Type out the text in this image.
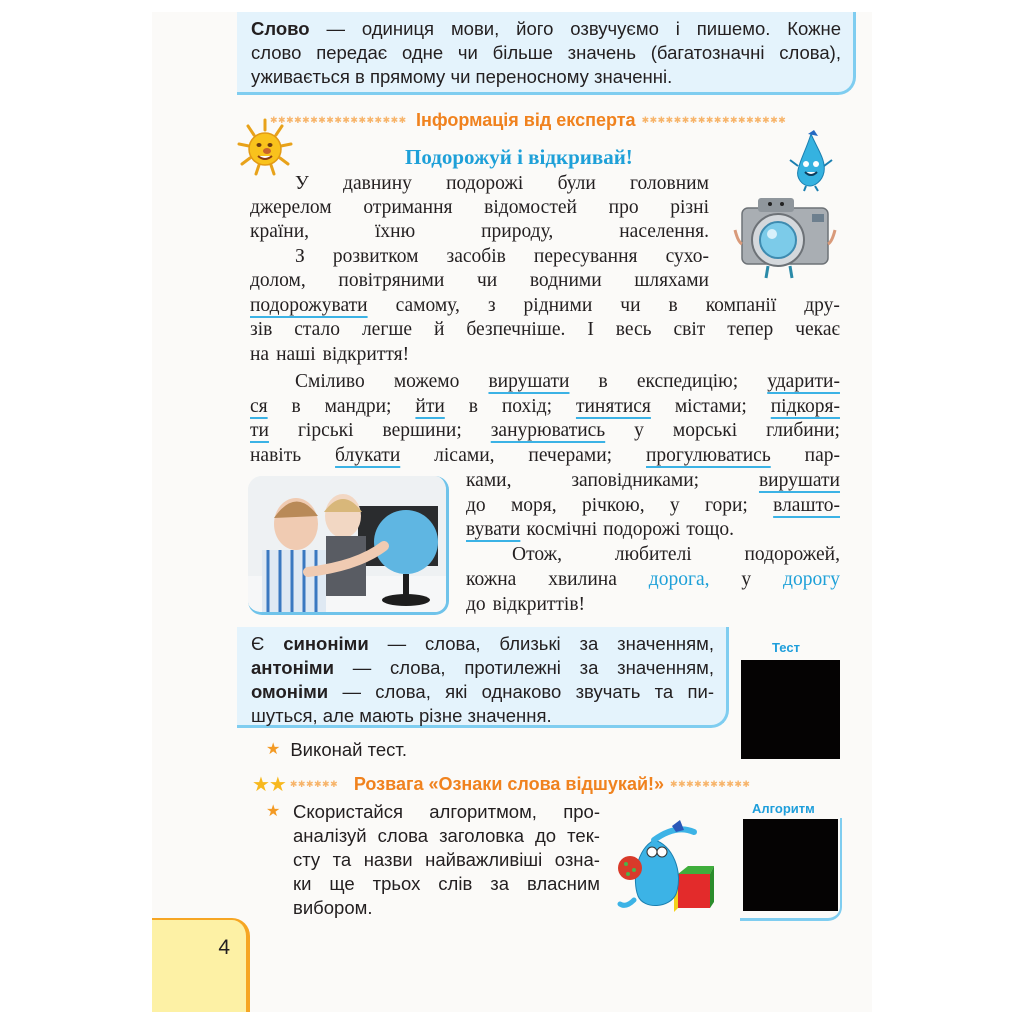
Слово — одиниця мови, його озвучуємо і пишемо. Кожне
слово передає одне чи більше значень (багатозначні слова),
уживається в прямому чи переносному значенні.
✱✱✱✱✱✱✱✱✱✱✱✱✱✱✱✱✱ Інформація від експерта ✱✱✱✱✱✱✱✱✱✱✱✱✱✱✱✱✱✱
Подорожуй і відкривай!
У давнину подорожі були головним
джерелом отримання відомостей про різні
країни,	їхню	природу,	населення.
З розвитком засобів пересування сухо-
долом, повітряними чи водними шляхами
подорожувати самому, з рідними чи в компанії дру-
зів стало легше й безпечніше. І весь світ тепер чекає
на наші відкриття!
Сміливо можемо вирушати в експедицію; ударити-
ся в мандри; йти в похід; тинятися містами; підкоря-
ти гірські вершини; занурюватись у морські глибини;
навіть блукати лісами, печерами; прогулюватись пар-
ками,	заповідниками;	вирушати
до моря, річкою, у гори; влашто-
вувати космічні подорожі тощо.
Отож,	любителі	подорожей,
кожна хвилина дорога, у дорогу
до відкриттів!
Є синоніми — слова, близькі за значенням,
антоніми — слова, протилежні за значенням,
омоніми — слова, які однаково звучать та пи-
шуться, але мають різне значення.
Тест
★ Виконай тест.
★★ ✱✱✱✱✱✱ Розвага «Ознаки слова відшукай!» ✱✱✱✱✱✱✱✱✱✱
★ Скористайся алгоритмом, про-
аналізуй слова заголовка до тек-
сту та назви найважливіші озна-
ки ще трьох слів за власним
вибором.
Алгоритм
4
